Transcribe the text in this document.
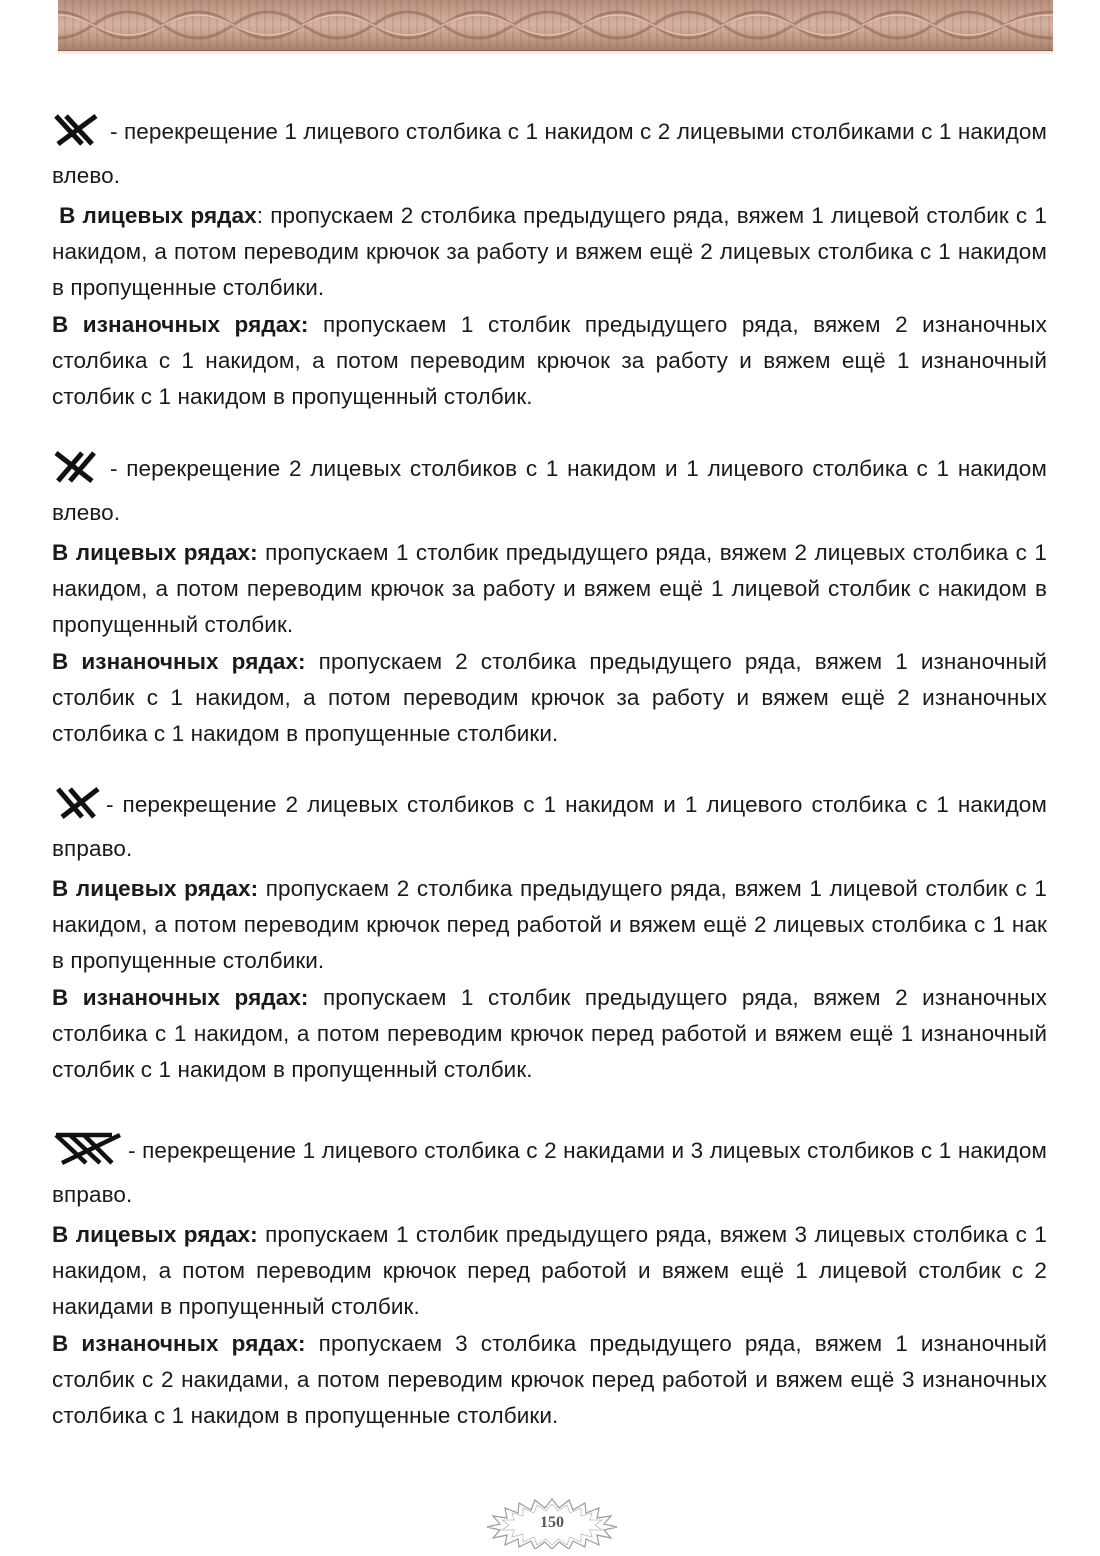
- перекрещение 1 лицевого столбика с 1 накидом с 2 лицевыми столбиками с 1 накидом влево.

В лицевых рядах: пропускаем 2 столбика предыдущего ряда, вяжем 1 лицевой столбик с 1 накидом, а потом переводим крючок за работу и вяжем ещё 2 лицевых столбика с 1 накидом в пропущенные столбики.

В изнаночных рядах: пропускаем 1 столбик предыдущего ряда, вяжем 2 изнаночных столбика с 1 накидом, а потом переводим крючок за работу и вяжем ещё 1 изнаночный столбик с 1 накидом в пропущенный столбик.

- перекрещение 2 лицевых столбиков с 1 накидом и 1 лицевого столбика с 1 накидом влево.

В лицевых рядах: пропускаем 1 столбик предыдущего ряда, вяжем 2 лицевых столбика с 1 накидом, а потом переводим крючок за работу и вяжем ещё 1 лицевой столбик с накидом в пропущенный столбик.

В изнаночных рядах: пропускаем 2 столбика предыдущего ряда, вяжем 1 изнаночный столбик с 1 накидом, а потом переводим крючок за работу и вяжем ещё 2 изнаночных столбика с 1 накидом в пропущенные столбики.

- перекрещение 2 лицевых столбиков с 1 накидом и 1 лицевого столбика с 1 накидом вправо.

В лицевых рядах: пропускаем 2 столбика предыдущего ряда, вяжем 1 лицевой столбик с 1 накидом, а потом переводим крючок перед работой и вяжем ещё 2 лицевых столбика с 1 нак в пропущенные столбики.

В изнаночных рядах: пропускаем 1 столбик предыдущего ряда, вяжем 2 изнаночных столбика с 1 накидом, а потом переводим крючок перед работой и вяжем ещё 1 изнаночный столбик с 1 накидом в пропущенный столбик.

- перекрещение 1 лицевого столбика с 2 накидами и 3 лицевых столбиков с 1 накидом вправо.

В лицевых рядах: пропускаем 1 столбик предыдущего ряда, вяжем 3 лицевых столбика с 1 накидом, а потом переводим крючок перед работой и вяжем ещё 1 лицевой столбик с 2 накидами в пропущенный столбик.

В изнаночных рядах: пропускаем 3 столбика предыдущего ряда, вяжем 1 изнаночный столбик с 2 накидами, а потом переводим крючок перед работой и вяжем ещё 3 изнаночных столбика с 1 накидом в пропущенные столбики.

150
